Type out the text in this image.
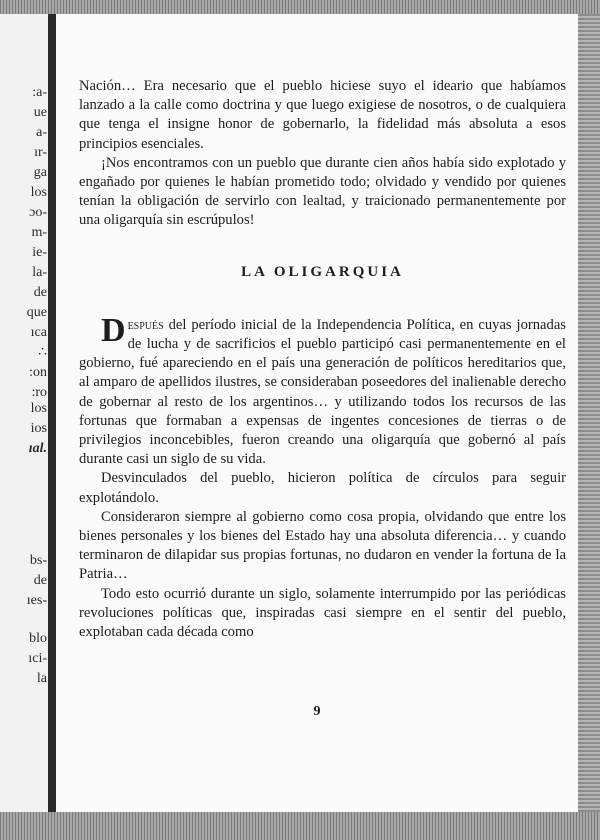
:a-
ue
a-
ır-
ga
los
ɔo-
m-
ie-
la-
de
que
ıca
∴
:on
:ro
los
ios
ıal.
bs-
de
ıes-
blo
ıci-
la

Nación… Era necesario que el pueblo hiciese suyo el ideario que habíamos lanzado a la calle como doctrina y que luego exigiese de nosotros, o de cualquiera que tenga el insigne honor de gobernarlo, la fidelidad más absoluta a esos principios esenciales.

¡Nos encontramos con un pueblo que durante cien años había sido explotado y engañado por quienes le habían prometido todo; olvidado y vendido por quienes tenían la obligación de servirlo con lealtad, y traicionado permanentemente por una oligarquía sin escrúpulos!

LA OLIGARQUIA

Después del período inicial de la Independencia Política, en cuyas jornadas de lucha y de sacrificios el pueblo participó casi permanentemente en el gobierno, fué apareciendo en el país una generación de políticos hereditarios que, al amparo de apellidos ilustres, se consideraban poseedores del inalienable derecho de gobernar al resto de los argentinos… y utilizando todos los recursos de las fortunas que formaban a expensas de ingentes concesiones de tierras o de privilegios inconcebibles, fueron creando una oligarquía que gobernó al país durante casi un siglo de su vida.

Desvinculados del pueblo, hicieron política de círculos para seguir explotándolo.

Consideraron siempre al gobierno como cosa propia, olvidando que entre los bienes personales y los bienes del Estado hay una absoluta diferencia… y cuando terminaron de dilapidar sus propias fortunas, no dudaron en vender la fortuna de la Patria…

Todo esto ocurrió durante un siglo, solamente interrumpido por las periódicas revoluciones políticas que, inspiradas casi siempre en el sentir del pueblo, explotaban cada década como

9
